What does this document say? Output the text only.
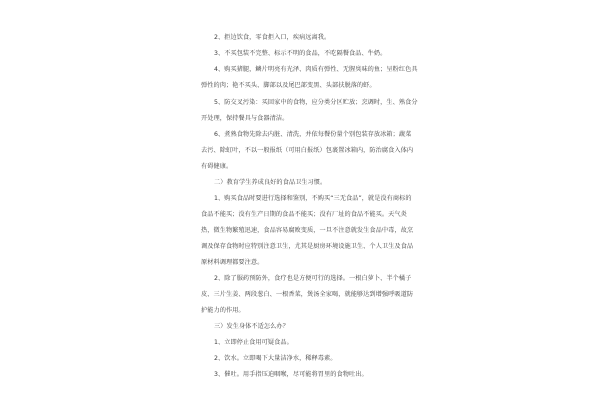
2、拒边饮食，零食拒入口，疾病远离我。
3、不买包装不完整、标示不明的食品，不吃隔餐食品、牛奶。
4、购买猪腿，鳞片明亮有光泽、肉质有弹性、无腥臭味的鱼；呈粉红色具
弹性的肉；艳不买头、脚部以及尾巴部变黑、头部扶脱落的虾。
5、防交叉污染：买回家中的食物，应分类分区贮放；烹调时，生、熟食分
开处理，保持餐具与食器清洁。
6、煮熟食物先除去内脏、清洗，并依每餐份量个别包装存放冰箱；蔬菜
去污、除虹叶，不以一般报纸（可用白报纸）包裹置冰箱内，防治腐食入体内
有碍健康。
二）教育学生养成良好的食品卫生习惯。
1、购买食品时要进行选择和鉴别，不购买“三无食品”，就是没有商标的
食品不能买；没有生产日期的食品不能买；没有厂址的食品不能买。天气炎
热，微生物繁殖迅速，食品容易腐败变质，一旦不注意就发生食品中毒，故烹
调及保存食物时应特别注意卫生，尤其是厨房环境设施卫生、个人卫生及食品
原材料调理都要注意。
2、除了服药预防外，食疗也是方便可行的选择。一根白萝卜、半个橘子
皮、三片生姜、两段葱白、一根香菜，煲汤全家喝，就能够达到增强呼吸道防
护能力的作用。
三）发生身体不适怎么办？
1、立即停止食用可疑食品。
2、饮水。立即喝下大量洁净水，稀释毒素。
3、催吐。用手指压迫咽喉，尽可能将胃里的食物吐出。
